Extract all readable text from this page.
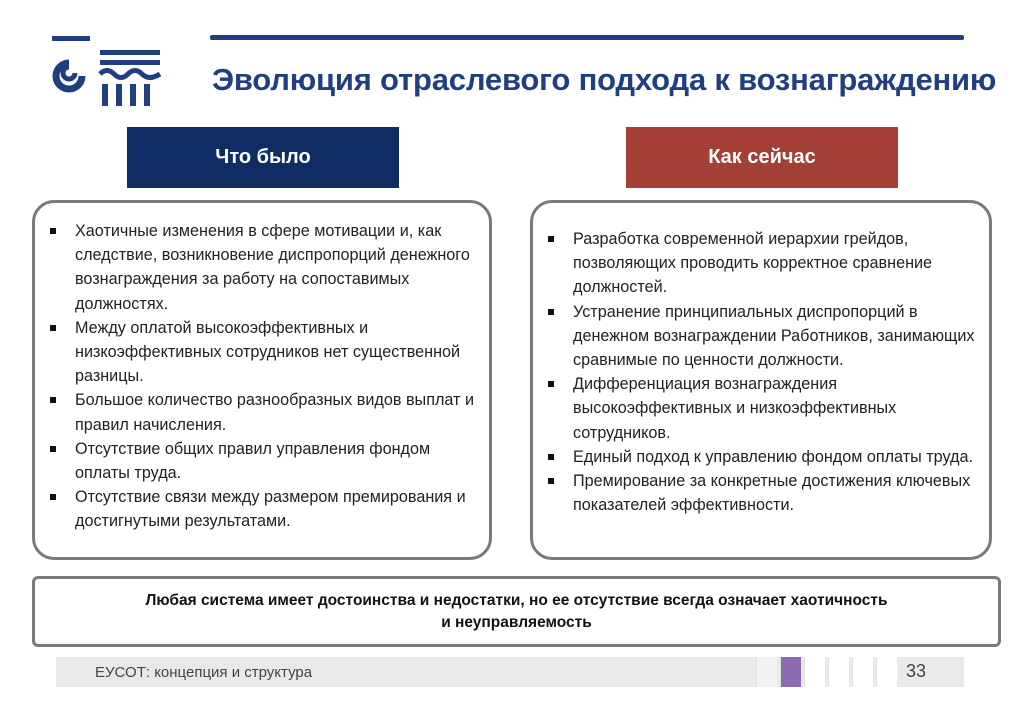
Эволюция отраслевого подхода к вознаграждению
Что было	Как сейчас
Хаотичные изменения в сфере мотивации и, как следствие, возникновение диспропорций денежного вознаграждения за работу на сопоставимых должностях.
Между оплатой высокоэффективных и низкоэффективных сотрудников нет существенной разницы.
Большое количество разнообразных видов выплат и правил начисления.
Отсутствие общих правил управления фондом оплаты труда.
Отсутствие связи между размером премирования и достигнутыми результатами.
Разработка современной иерархии грейдов, позволяющих проводить корректное сравнение должностей.
Устранение принципиальных диспропорций в денежном вознаграждении Работников, занимающих сравнимые по ценности должности.
Дифференциация вознаграждения высокоэффективных и низкоэффективных сотрудников.
Единый подход к управлению фондом оплаты труда.
Премирование за конкретные достижения ключевых показателей эффективности.
Любая система имеет достоинства и недостатки, но ее отсутствие всегда означает хаотичность
и неуправляемость
ЕУСОТ: концепция и структура	33
